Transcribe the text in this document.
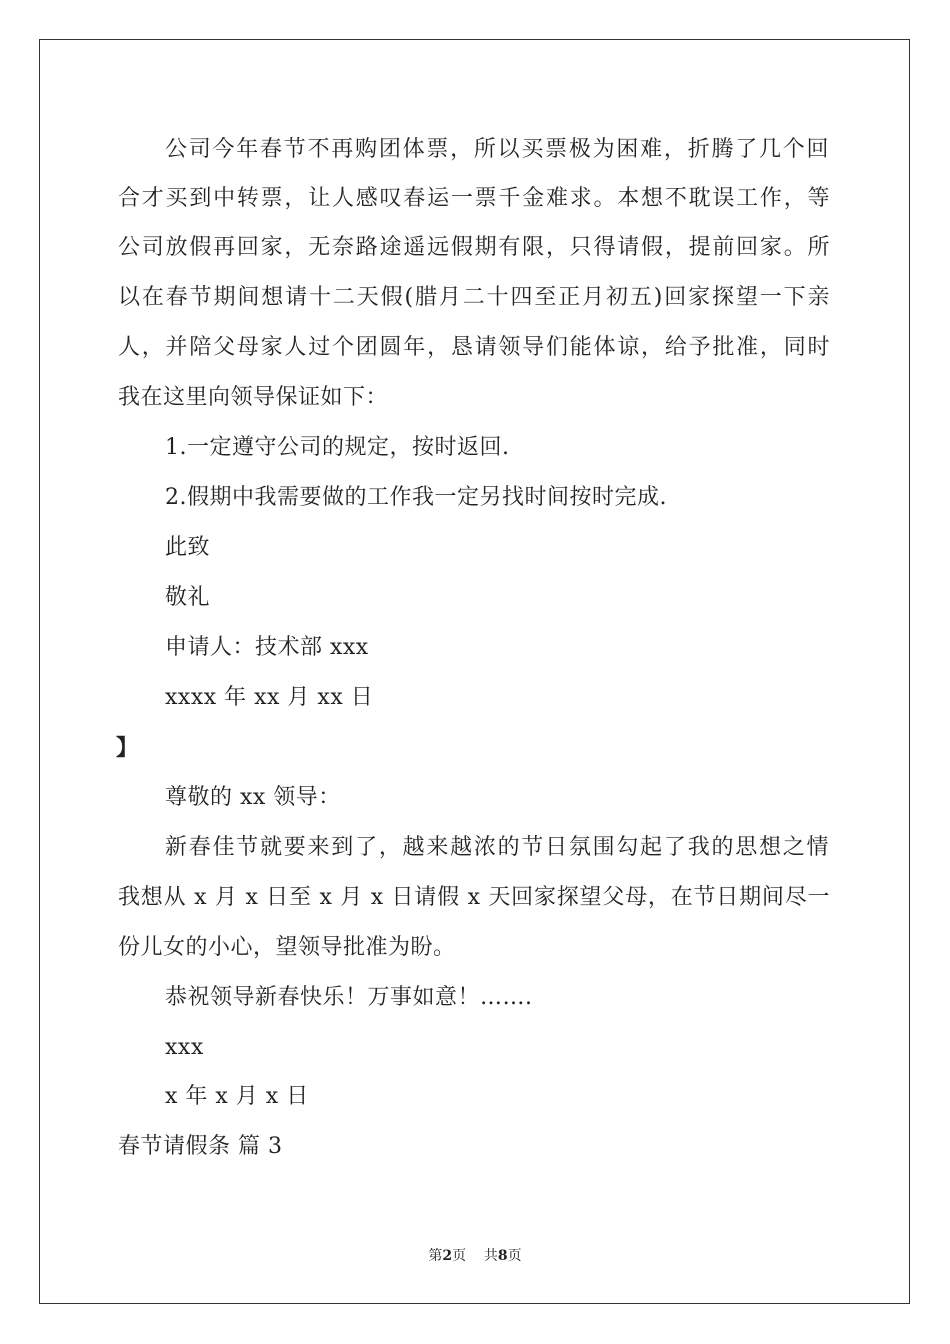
公司今年春节不再购团体票，所以买票极为困难，折腾了几个回
合才买到中转票，让人感叹春运一票千金难求。本想不耽误工作，等
公司放假再回家，无奈路途遥远假期有限，只得请假，提前回家。所
以在春节期间想请十二天假(腊月二十四至正月初五)回家探望一下亲
人，并陪父母家人过个团圆年，恳请领导们能体谅，给予批准，同时
我在这里向领导保证如下：
1.一定遵守公司的规定，按时返回.
2.假期中我需要做的工作我一定另找时间按时完成.
此致
敬礼
申请人：技术部 xxx
xxxx 年 xx 月 xx 日
】
尊敬的 xx 领导：
新春佳节就要来到了，越来越浓的节日氛围勾起了我的思想之情
我想从 x 月 x 日至 x 月 x 日请假 x 天回家探望父母，在节日期间尽一
份儿女的小心，望领导批准为盼。
恭祝领导新春快乐！万事如意！…….
xxx
x 年 x 月 x 日
春节请假条 篇 3
第2页 共8页
